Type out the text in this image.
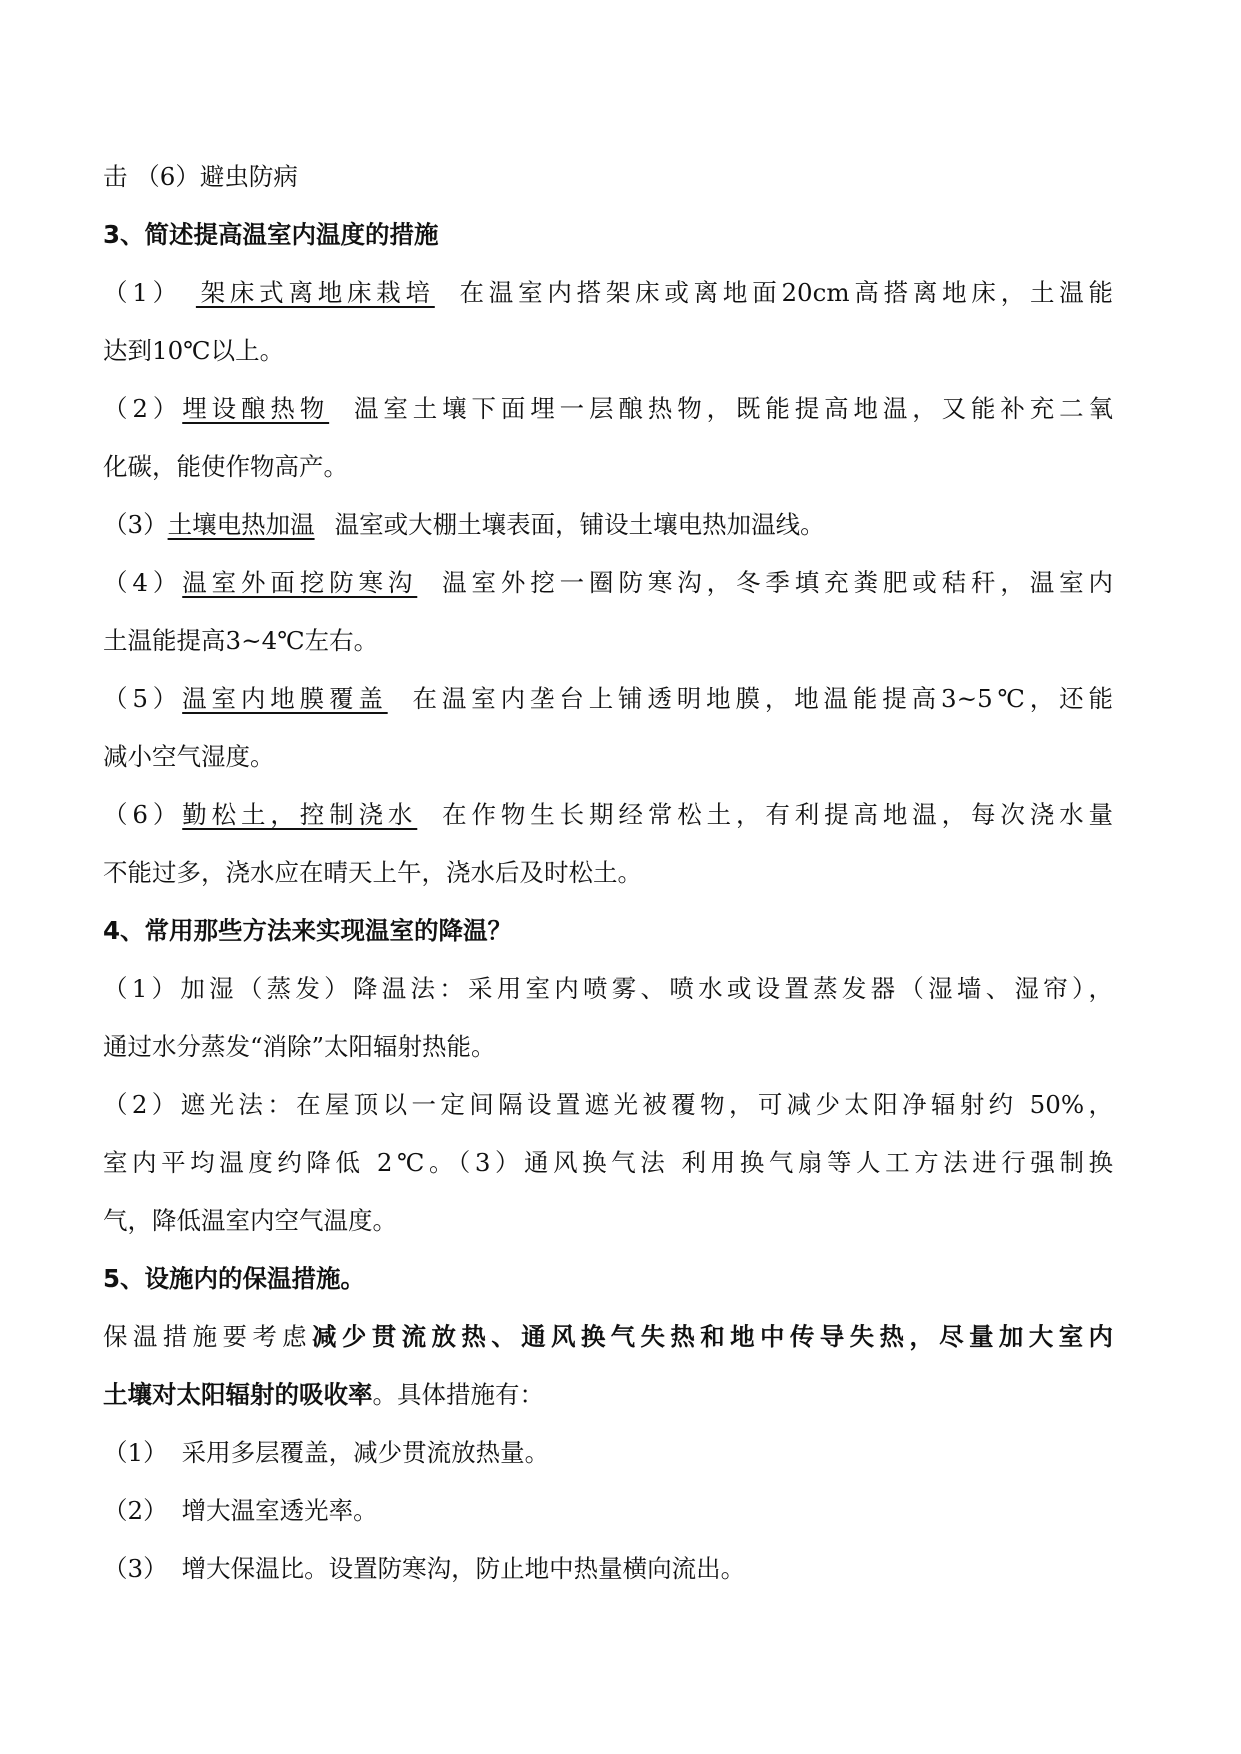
击 （6）避虫防病
3、简述提高温室内温度的措施
（1） 架床式离地床栽培 在温室内搭架床或离地面20cm高搭离地床，土温能
达到10℃以上。
（2）埋设酿热物 温室土壤下面埋一层酿热物，既能提高地温，又能补充二氧
化碳，能使作物高产。
（3）土壤电热加温 温室或大棚土壤表面，铺设土壤电热加温线。
（4）温室外面挖防寒沟 温室外挖一圈防寒沟，冬季填充粪肥或秸秆，温室内
土温能提高3~4℃左右。
（5）温室内地膜覆盖 在温室内垄台上铺透明地膜，地温能提高3~5℃，还能
减小空气湿度。
（6）勤松土，控制浇水 在作物生长期经常松土，有利提高地温，每次浇水量
不能过多，浇水应在晴天上午，浇水后及时松土。
4、常用那些方法来实现温室的降温？
（1）加湿（蒸发）降温法：采用室内喷雾、喷水或设置蒸发器（湿墙、湿帘），
通过水分蒸发“消除”太阳辐射热能。
（2）遮光法：在屋顶以一定间隔设置遮光被覆物，可减少太阳净辐射约 50%，
室内平均温度约降低 2℃。（3）通风换气法 利用换气扇等人工方法进行强制换
气，降低温室内空气温度。
5、设施内的保温措施。
保温措施要考虑减少贯流放热、通风换气失热和地中传导失热，尽量加大室内
土壤对太阳辐射的吸收率。具体措施有：
（1） 采用多层覆盖，减少贯流放热量。
（2） 增大温室透光率。
（3） 增大保温比。设置防寒沟，防止地中热量横向流出。
